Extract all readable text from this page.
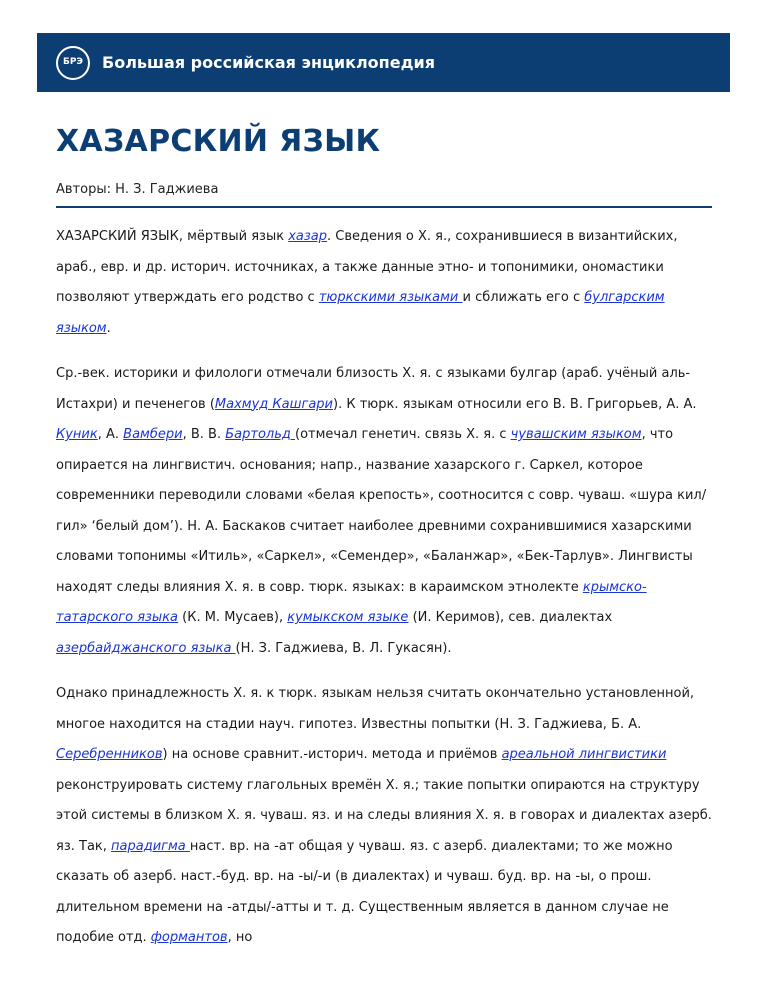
БРЭ Большая российская энциклопедия
ХАЗАРСКИЙ ЯЗЫК
Авторы: Н. З. Гаджиева

ХАЗАРСКИЙ ЯЗЫК, мёртвый язык хазар. Сведения о Х. я., сохранившиеся в византийских, араб., евр. и др. историч. источниках, а также данные этно- и топонимики, ономастики позволяют утверждать его родство с тюркскими языками и сближать его с булгарским языком.

Ср.-век. историки и филологи отмечали близость Х. я. с языками булгар (араб. учёный аль-Истахри) и печенегов (Махмуд Кашгари). К тюрк. языкам относили его В. В. Григорьев, А. А. Куник, А. Вамбери, В. В. Бартольд (отмечал генетич. связь Х. я. с чувашским языком, что опирается на лингвистич. основания; напр., название хазарского г. Саркел, которое современники переводили словами «белая крепость», соотносится с совр. чуваш. «шура кил/гил» ‘белый дом’). Н. А. Баскаков считает наиболее древними сохранившимися хазарскими словами топонимы «Итиль», «Саркел», «Семендер», «Баланжар», «Бек-Тарлув». Лингвисты находят следы влияния Х. я. в совр. тюрк. языках: в караимском этнолекте крымско-татарского языка (К. М. Мусаев), кумыкском языке (И. Керимов), сев. диалектах азербайджанского языка (Н. З. Гаджиева, В. Л. Гукасян).

Однако принадлежность Х. я. к тюрк. языкам нельзя считать окончательно установленной, многое находится на стадии науч. гипотез. Известны попытки (Н. З. Гаджиева, Б. А. Серебренников) на основе сравнит.-историч. метода и приёмов ареальной лингвистики реконструировать систему глагольных времён Х. я.; такие попытки опираются на структуру этой системы в близком Х. я. чуваш. яз. и на следы влияния Х. я. в говорах и диалектах азерб. яз. Так, парадигма наст. вр. на -ат общая у чуваш. яз. с азерб. диалектами; то же можно сказать об азерб. наст.-буд. вр. на -ы/-и (в диалектах) и чуваш. буд. вр. на -ы, о прош. длительном времени на -атды/-атты и т. д. Существенным является в данном случае не подобие отд. формантов, но
